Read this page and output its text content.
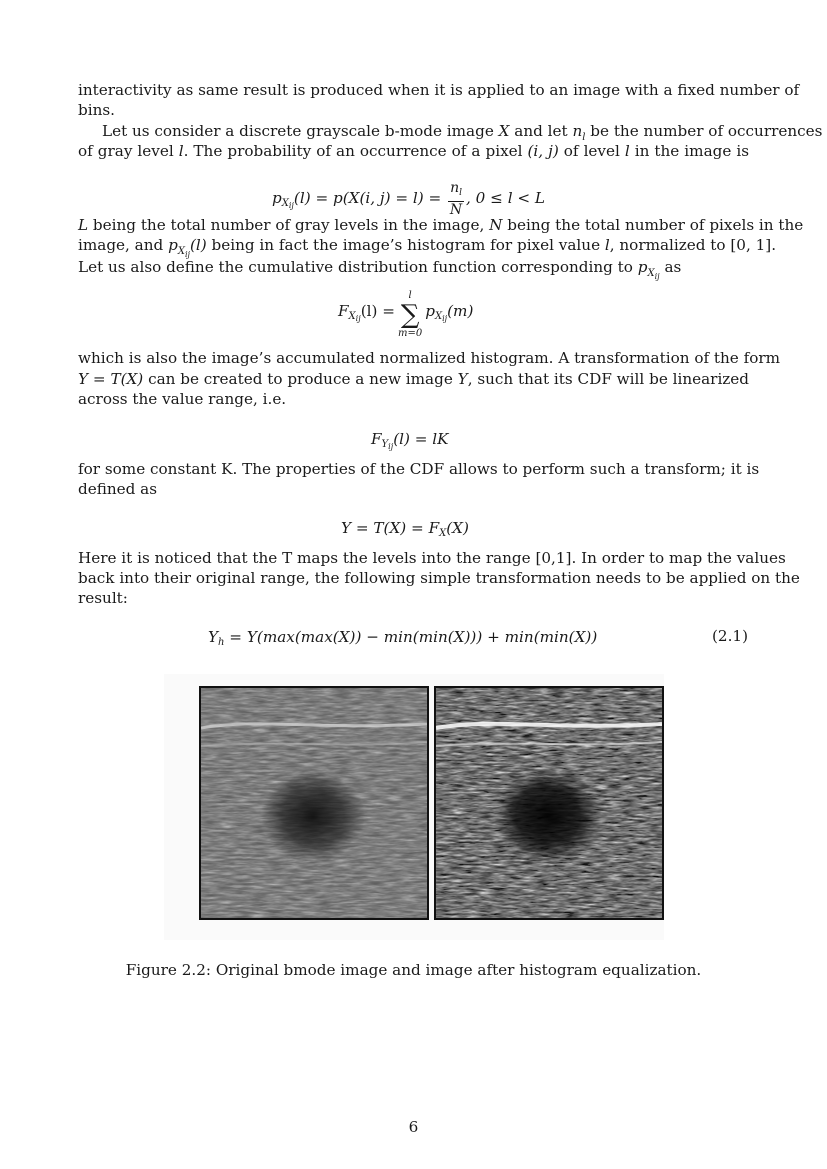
interactivity as same result is produced when it is applied to an image with a fixed number of
bins.
Let us consider a discrete grayscale b-mode image X and let $n_l$ be the number of occurrences
of gray level l. The probability of an occurrence of a pixel (i, j) of level l in the image is
$p_{X_{ij}}(l) = p(X(i$, $j) = l) = \frac{n_l}{N}$ , 0 ≤ l < L
L being the total number of gray levels in the image, N being the total number of pixels in the
image, and $p_{X_{ij}}(l)$ being in fact the image’s histogram for pixel value l, normalized to [0, 1].
Let us also define the cumulative distribution function corresponding to $p_{X_{ij}}$ as
$F_{X_{ij}}(l)$ =
l
∑
m=0
$p_{X_{ij}}(m)$
which is also the image’s accumulated normalized histogram. A transformation of the form
Y = T(X) can be created to produce a new image Y, such that its CDF will be linearized
across the value range, i.e.
$F_{Y_{ij}}(l)$ = lK
for some constant K. The properties of the CDF allows to perform such a transform; it is
defined as
$Y = T(X) = F_X(X)$
Here it is noticed that the T maps the levels into the range [0,1]. In order to map the values
back into their original range, the following simple transformation needs to be applied on the
result:
$Y_h = Y(\max(\max(X)) - \min(\min(X))) + \min(\min(X))$	(2.1)
Figure 2.2: Original bmode image and image after histogram equalization.
6
